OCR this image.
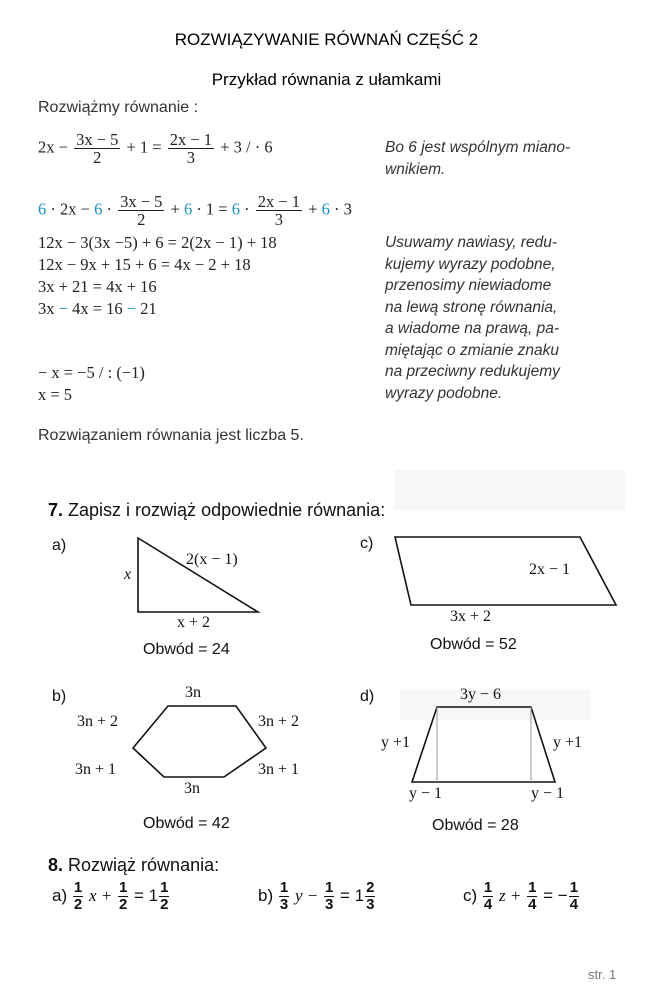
ROZWIĄZYWANIE RÓWNAŃ CZĘŚĆ 2
Przykład równania z ułamkami
Rozwiążmy równanie :
$2x - \frac{3x - 5}{2} + 1 = \frac{2x - 1}{3} + 3$ / · 6	Bo 6 jest wspólnym miano-
wnikiem.
$6 \cdot 2x - 6 \cdot \frac{3x - 5}{2} + 6 \cdot 1 = 6 \cdot \frac{2x - 1}{3} + 6 \cdot 3$
12x − 3(3x −5) + 6 = 2(2x − 1) + 18
12x − 9x + 15 + 6 = 4x − 2 + 18
3x + 21 = 4x + 16
3x − 4x = 16 − 21
Usuwamy nawiasy, redu-
kujemy wyrazy podobne,
przenosimy niewiadome
na lewą stronę równania,
a wiadome na prawą, pa-
miętając o zmianie znaku
na przeciwny redukujemy
wyrazy podobne.
− x = −5 / : (−1)
x = 5
Rozwiązaniem równania jest liczba 5.
7. Zapisz i rozwiąż odpowiednie równania:
a)
x
2(x − 1)
x + 2
Obwód = 24
c)
2x − 1
3x + 2
Obwód = 52
b)	3n
3n + 2	3n + 2
3n + 1	3n + 1
3n
Obwód = 42
d)	3y − 6
y +1	y +1
y − 1	y − 1
Obwód = 28
8. Rozwiąż równania:
$a) \frac{1}{2}$ $x + \frac{1}{2} = 1 \frac{1}{2}$	$b) \frac{1}{3}$ $y - \frac{1}{3} = 1 \frac{2}{3}$	$c) \frac{1}{4}$ $z + \frac{1}{4}$ = − $\frac{1}{4}$
str. 1
